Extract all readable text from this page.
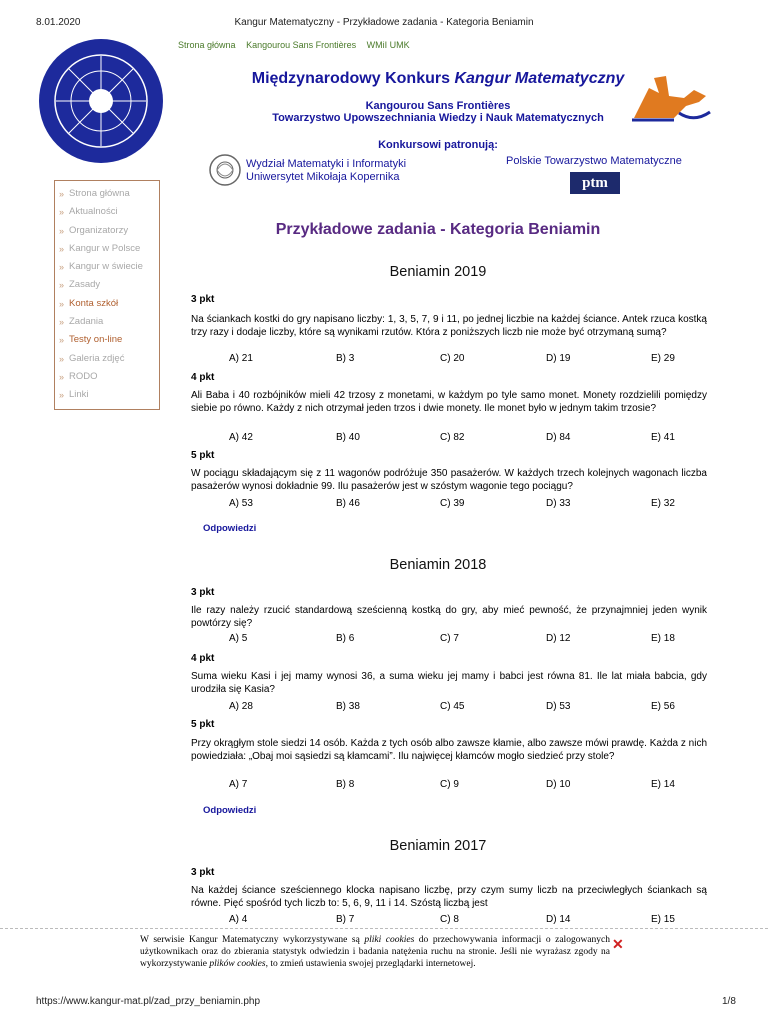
8.01.2020	Kangur Matematyczny - Przykładowe zadania - Kategoria Beniamin
https://www.kangur-mat.pl/zad_przy_beniamin.php	1/8
Strona główna Kangourou Sans Frontières WMiI UMK
Międzynarodowy Konkurs Kangur Matematyczny
Kangourou Sans Frontières
Towarzystwo Upowszechniania Wiedzy i Nauk Matematycznych
Konkursowi patronują:
Wydział Matematyki i Informatyki
Uniwersytet Mikołaja Kopernika
Polskie Towarzystwo Matematyczne
ptm
» Strona główna
» Aktualności
» Organizatorzy
» Kangur w Polsce
» Kangur w świecie
» Zasady
» Konta szkół
» Zadania
» Testy on-line
» Galeria zdjęć
» RODO
» Linki
Przykładowe zadania - Kategoria Beniamin
Beniamin 2019
3 pkt
Na ściankach kostki do gry napisano liczby: 1, 3, 5, 7, 9 i 11, po jednej liczbie na każdej ściance. Antek rzuca kostką trzy razy i dodaje liczby, które są wynikami rzutów. Która z poniższych liczb nie może być otrzymaną sumą?
A) 21	B) 3	C) 20	D) 19	E) 29
4 pkt
Ali Baba i 40 rozbójników mieli 42 trzosy z monetami, w każdym po tyle samo monet. Monety rozdzielili pomiędzy siebie po równo. Każdy z nich otrzymał jeden trzos i dwie monety. Ile monet było w jednym takim trzosie?
A) 42	B) 40	C) 82	D) 84	E) 41
5 pkt
W pociągu składającym się z 11 wagonów podróżuje 350 pasażerów. W każdych trzech kolejnych wagonach liczba pasażerów wynosi dokładnie 99. Ilu pasażerów jest w szóstym wagonie tego pociągu?
A) 53	B) 46	C) 39	D) 33	E) 32
Odpowiedzi
Beniamin 2018
3 pkt
Ile razy należy rzucić standardową sześcienną kostką do gry, aby mieć pewność, że przynajmniej jeden wynik powtórzy się?
A) 5	B) 6	C) 7	D) 12	E) 18
4 pkt
Suma wieku Kasi i jej mamy wynosi 36, a suma wieku jej mamy i babci jest równa 81. Ile lat miała babcia, gdy urodziła się Kasia?
A) 28	B) 38	C) 45	D) 53	E) 56
5 pkt
Przy okrągłym stole siedzi 14 osób. Każda z tych osób albo zawsze kłamie, albo zawsze mówi prawdę. Każda z nich powiedziała: „Obaj moi sąsiedzi są kłamcami”. Ilu najwięcej kłamców mogło siedzieć przy stole?
A) 7	B) 8	C) 9	D) 10	E) 14
Odpowiedzi
Beniamin 2017
3 pkt
Na każdej ściance sześciennego klocka napisano liczbę, przy czym sumy liczb na przeciwległych ściankach są równe. Pięć spośród tych liczb to: 5, 6, 9, 11 i 14. Szóstą liczbą jest
A) 4	B) 7	C) 8	D) 14	E) 15
W serwisie Kangur Matematyczny wykorzystywane są pliki cookies do przechowywania informacji o zalogowanych użytkownikach oraz do zbierania statystyk odwiedzin i badania natężenia ruchu na stronie. Jeśli nie wyrażasz zgody na wykorzystywanie plików cookies, to zmień ustawienia swojej przeglądarki internetowej.
✕
